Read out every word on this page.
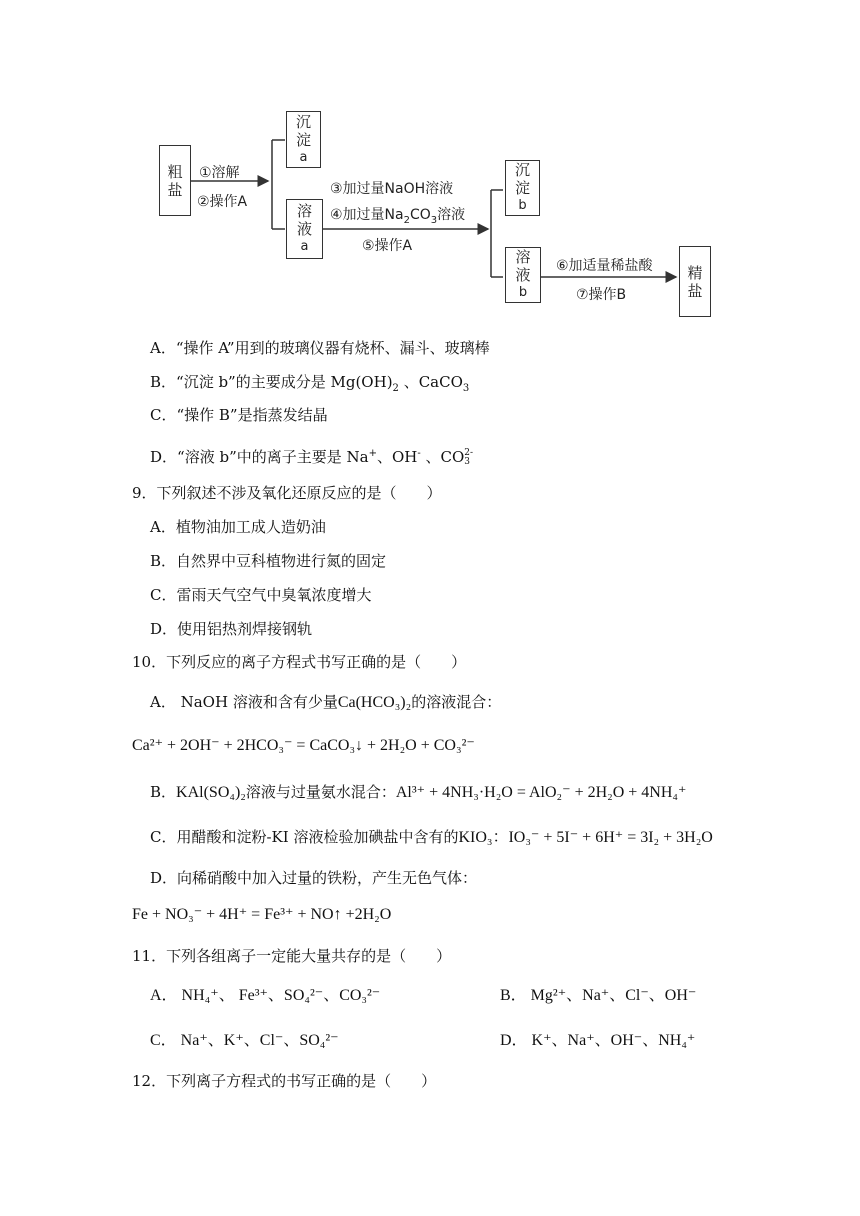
粗
盐
沉
淀
a
溶
液
a
沉
淀
b
溶
液
b
精
盐
①溶解
②操作A
③加过量NaOH溶液
④加过量$Na_2CO_3$溶液
⑤操作A
⑥加适量稀盐酸
⑦操作B
A．“操作 A”用到的玻璃仪器有烧杯、漏斗、玻璃棒
B．“沉淀 b”的主要成分是 $Mg(OH)_2$ 、CaCO$_3$
C．“操作 B”是指蒸发结晶
D．“溶液 b”中的离子主要是 Na+、OH- 、CO 2-
3
9．下列叙述不涉及氧化还原反应的是（　　）
A．植物油加工成人造奶油
B．自然界中豆科植物进行氮的固定
C．雷雨天气空气中臭氧浓度增大
D．使用铝热剂焊接钢轨
10．下列反应的离子方程式书写正确的是（　　）
A． NaOH 溶液和含有少量Ca(HCO₃)₂的溶液混合：
Ca²⁺ + 2OH⁻ + 2HCO₃⁻ = CaCO₃↓ + 2H₂O + CO₃²⁻
B．KAl(SO₄)₂溶液与过量氨水混合：Al³⁺ + 4NH₃·H₂O = AlO₂⁻ + 2H₂O + 4NH₄⁺
C．用醋酸和淀粉-KI 溶液检验加碘盐中含有的KIO₃：IO₃⁻ + 5I⁻ + 6H⁺ = 3I₂ + 3H₂O
D．向稀硝酸中加入过量的铁粉，产生无色气体：
Fe + NO₃⁻ + 4H⁺ = Fe³⁺ + NO↑ +2H₂O
11．下列各组离子一定能大量共存的是（　　）
A． NH₄⁺、 Fe³⁺、SO₄²⁻、CO₃²⁻	B． Mg²⁺、Na⁺、Cl⁻、OH⁻
C． Na⁺、K⁺、Cl⁻、SO₄²⁻	D． K⁺、Na⁺、OH⁻、NH₄⁺
12．下列离子方程式的书写正确的是（　　）
